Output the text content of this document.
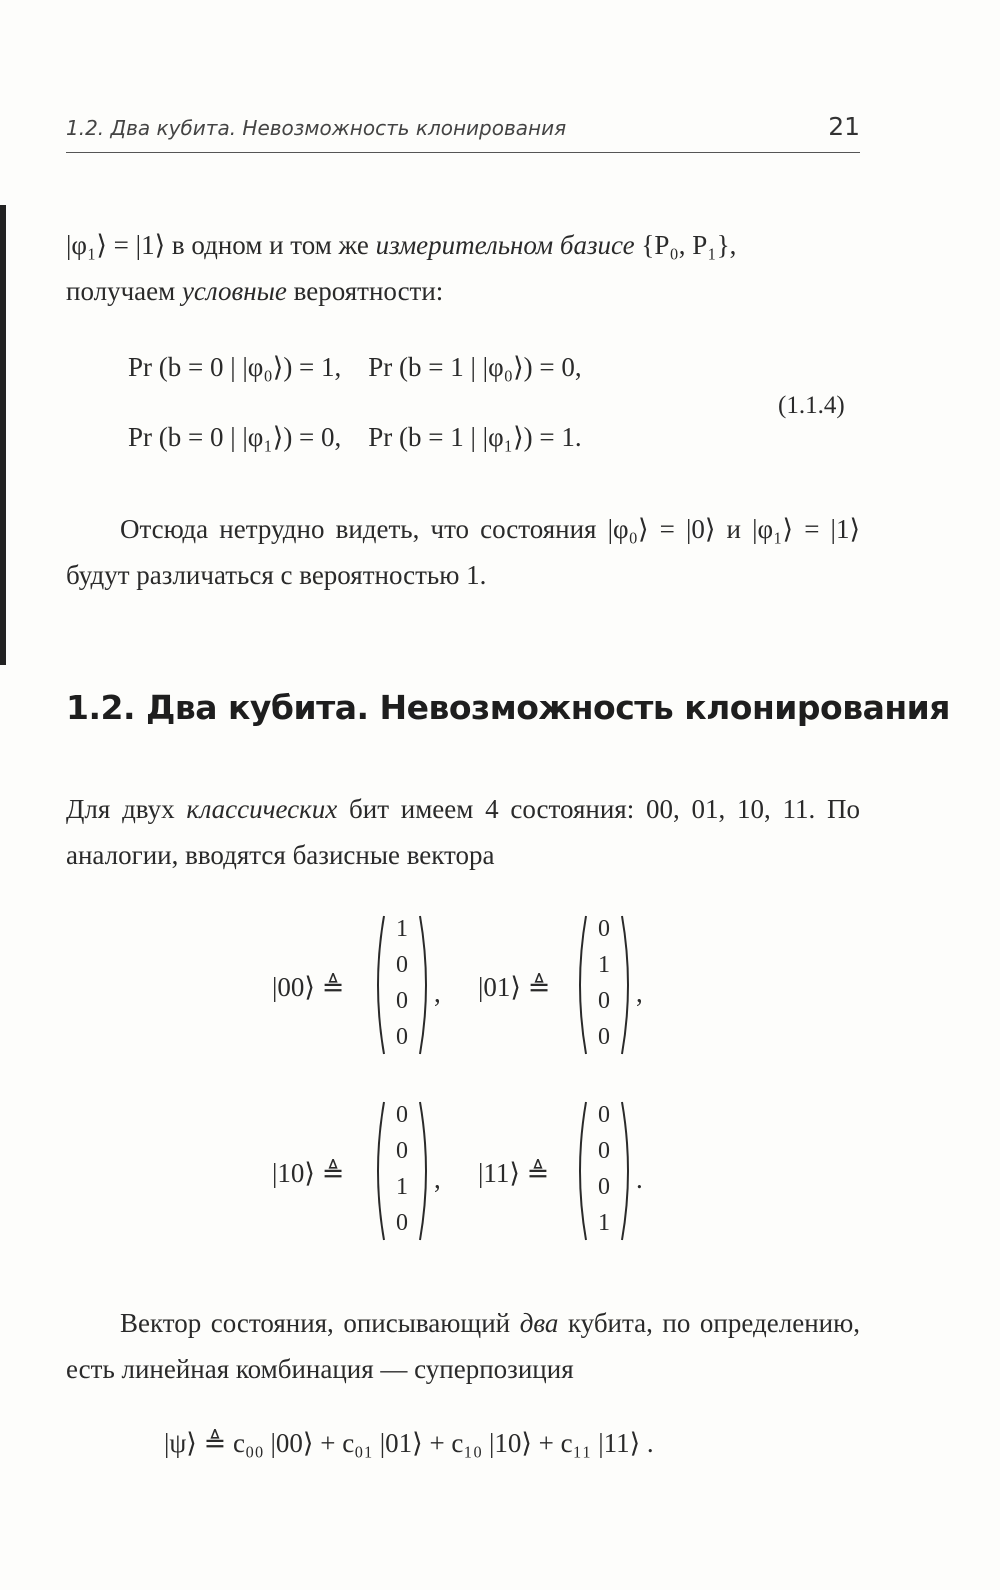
1.2. Два кубита. Невозможность клонирования	21
|φ₁⟩ = |1⟩ в одном и том же измерительном базисе {P₀, P₁},
получаем условные вероятности:
Pr (b = 0 | |φ₀⟩) = 1,    Pr (b = 1 | |φ₀⟩) = 0,
Pr (b = 0 | |φ₁⟩) = 0,    Pr (b = 1 | |φ₁⟩) = 1.
(1.1.4)
Отсюда нетрудно видеть, что состояния |φ₀⟩ = |0⟩ и |φ₁⟩ = |1⟩ будут различаться с вероятностью 1.
1.2. Два кубита. Невозможность клонирования
Для двух классических бит имеем 4 состояния: 00, 01, 10, 11. По аналогии, вводятся базисные вектора
|00⟩ ≜
1
0
0
0
, |01⟩ ≜
0
1
0
0
,
|10⟩ ≜
0
0
1
0
, |11⟩ ≜
0
0
0
1
.
Вектор состояния, описывающий два кубита, по определению, есть линейная комбинация — суперпозиция
|ψ⟩ ≜ c₀₀ |00⟩ + c₀₁ |01⟩ + c₁₀ |10⟩ + c₁₁ |11⟩ .
